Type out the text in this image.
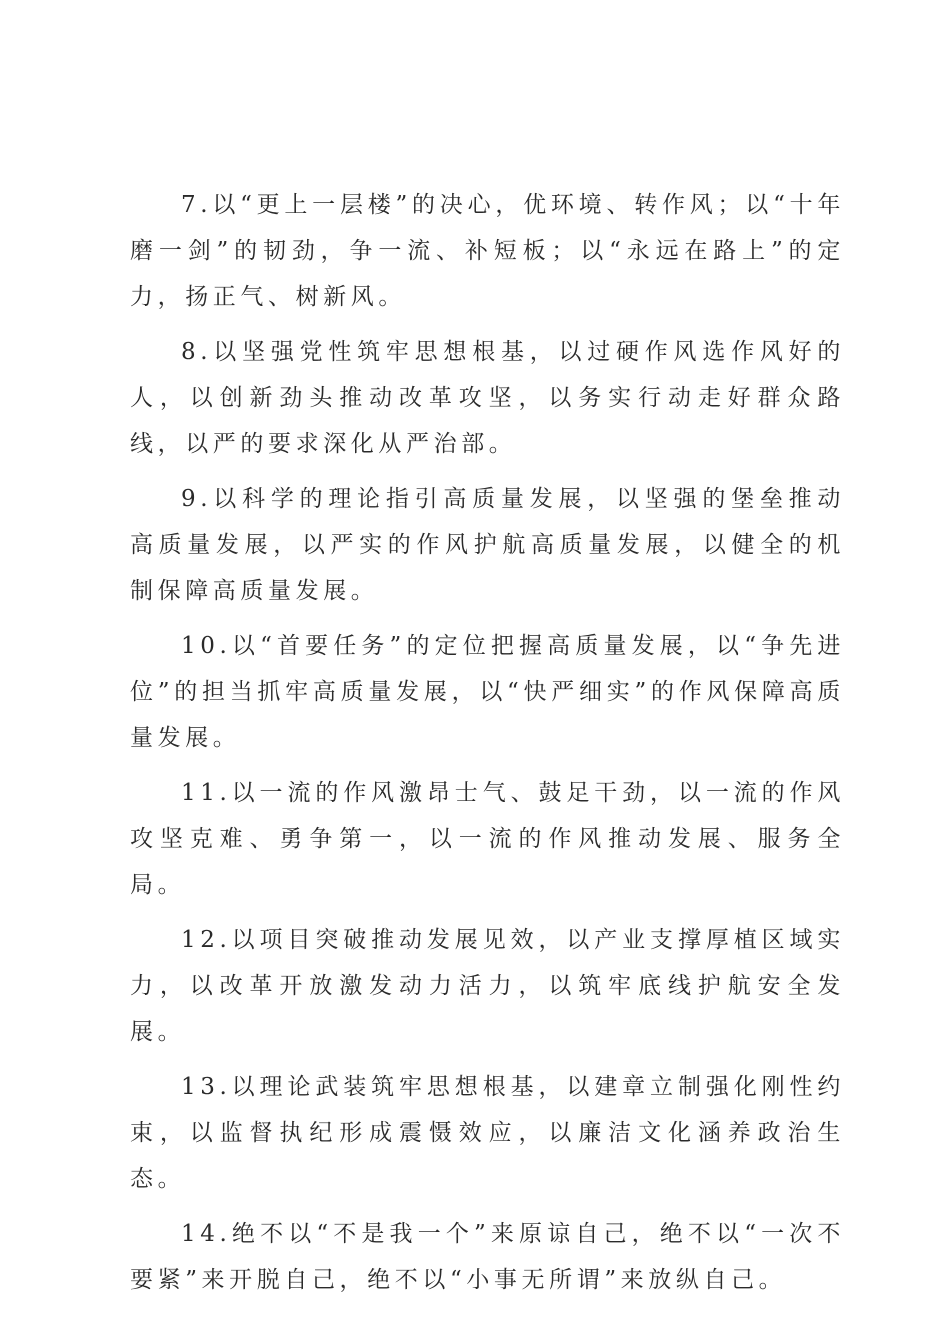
7.以“更上一层楼”的决心，优环境、转作风；以“十年磨一剑”的韧劲，争一流、补短板；以“永远在路上”的定力，扬正气、树新风。

8.以坚强党性筑牢思想根基，以过硬作风选作风好的人，以创新劲头推动改革攻坚，以务实行动走好群众路线，以严的要求深化从严治部。

9.以科学的理论指引高质量发展，以坚强的堡垒推动高质量发展，以严实的作风护航高质量发展，以健全的机制保障高质量发展。

10.以“首要任务”的定位把握高质量发展，以“争先进位”的担当抓牢高质量发展，以“快严细实”的作风保障高质量发展。

11.以一流的作风激昂士气、鼓足干劲，以一流的作风攻坚克难、勇争第一，以一流的作风推动发展、服务全局。

12.以项目突破推动发展见效，以产业支撑厚植区域实力，以改革开放激发动力活力，以筑牢底线护航安全发展。

13.以理论武装筑牢思想根基，以建章立制强化刚性约束，以监督执纪形成震慑效应，以廉洁文化涵养政治生态。

14.绝不以“不是我一个”来原谅自己，绝不以“一次不要紧”来开脱自己，绝不以“小事无所谓”来放纵自己。
